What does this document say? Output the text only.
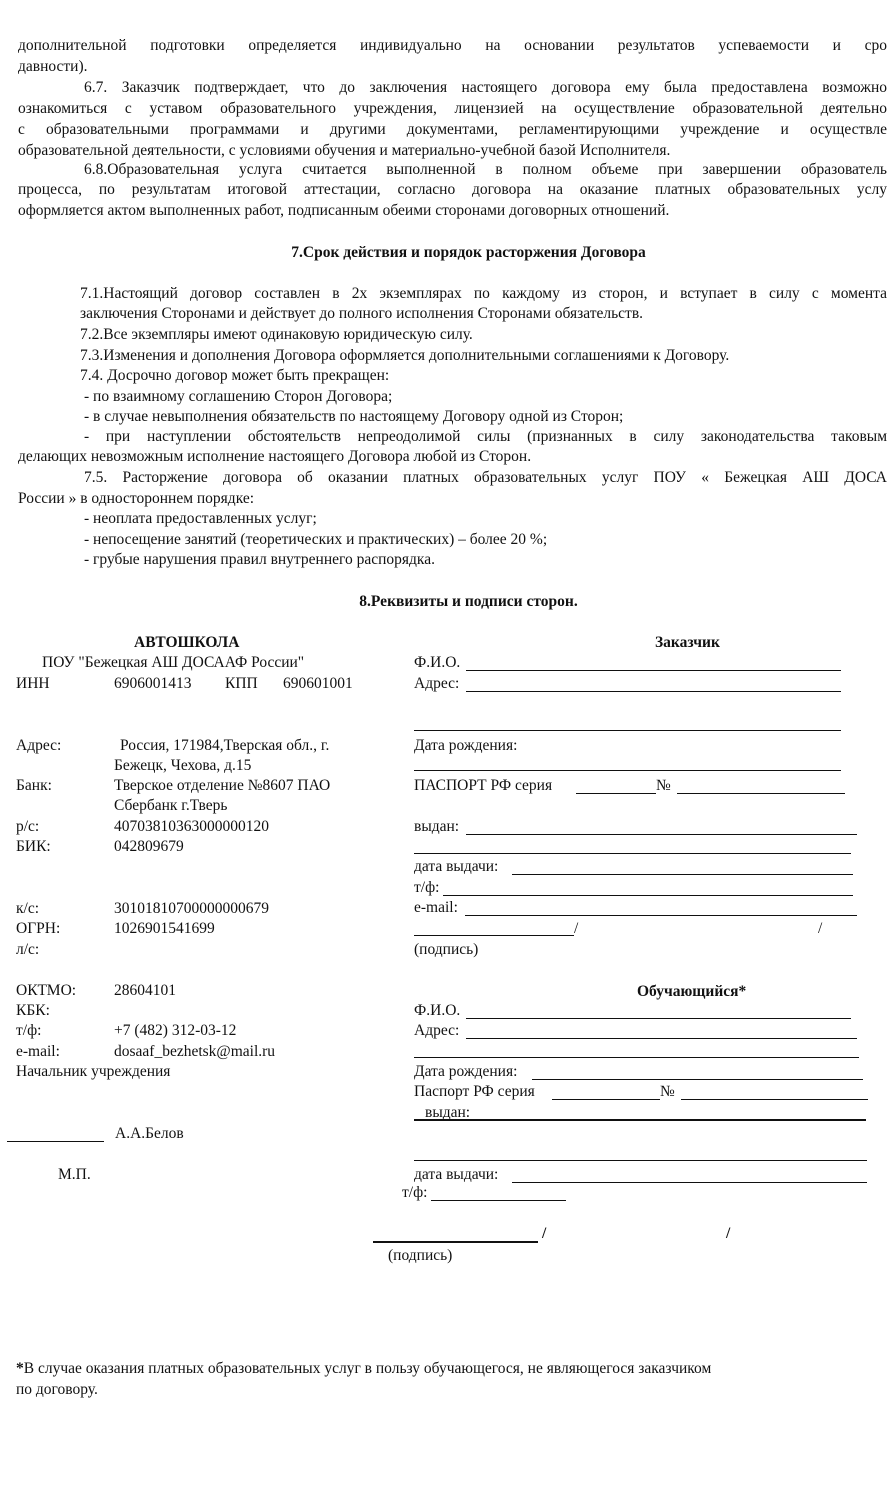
дополнительной подготовки определяется индивидуально на основании результатов успеваемости и сро
давности).
6.7. Заказчик подтверждает, что до заключения настоящего договора ему была предоставлена возможно
ознакомиться с уставом образовательного учреждения, лицензией на осуществление образовательной деятельно
с образовательными программами и другими документами, регламентирующими учреждение и осуществле
образовательной деятельности, с условиями обучения и материально-учебной базой Исполнителя.
6.8.Образовательная услуга считается выполненной в полном объеме при завершении образователь
процесса, по результатам итоговой аттестации, согласно договора на оказание платных образовательных услу
оформляется актом выполненных работ, подписанным обеими сторонами договорных отношений.
7.Срок действия и порядок расторжения Договора
7.1.Настоящий договор составлен в 2х экземплярах по каждому из сторон, и вступает в силу с момента
заключения Сторонами и действует до полного исполнения Сторонами обязательств.
7.2.Все экземпляры имеют одинаковую юридическую силу.
7.3.Изменения и дополнения Договора оформляется дополнительными соглашениями к Договору.
7.4. Досрочно договор может быть прекращен:
- по взаимному соглашению Сторон Договора;
- в случае невыполнения обязательств по настоящему Договору одной из Сторон;
- при наступлении обстоятельств непреодолимой силы (признанных в силу законодательства таковым
делающих невозможным исполнение настоящего Договора любой из Сторон.
7.5. Расторжение договора об оказании платных образовательных услуг ПОУ « Бежецкая АШ ДОСА
России » в одностороннем порядке:
- неоплата предоставленных услуг;
- непосещение занятий (теоретических и практических) – более 20 %;
- грубые нарушения правил внутреннего распорядка.
8.Реквизиты и подписи сторон.
АВТОШКОЛА
ПОУ "Бежецкая АШ ДОСААФ России"
ИНН	6906001413 КПП 690601001
Адрес:	Россия, 171984,Тверская обл., г.
Бежецк, Чехова, д.15
Банк:	Тверское отделение №8607 ПАО
Сбербанк г.Тверь
р/с:	40703810363000000120
БИК:	042809679
к/с:	30101810700000000679
ОГРН:	1026901541699
л/с:
ОКТМО: 28604101
КБК:
т/ф:	+7 (482) 312-03-12
e-mail:	dosaaf_bezhetsk@mail.ru
Начальник учреждения
А.А.Белов
М.П.
Заказчик
Ф.И.О.
Адрес:
Дата рождения:
ПАСПОРТ РФ серия	№
выдан:
дата выдачи:
т/ф:
e-mail:
/	/
(подпись)
Обучающийся*
Ф.И.О.
Адрес:
Дата рождения:
Паспорт РФ серия	№
выдан:
дата выдачи:
т/ф:
/	/
(подпись)
*В случае оказания платных образовательных услуг в пользу обучающегося, не являющегося заказчиком
по договору.
